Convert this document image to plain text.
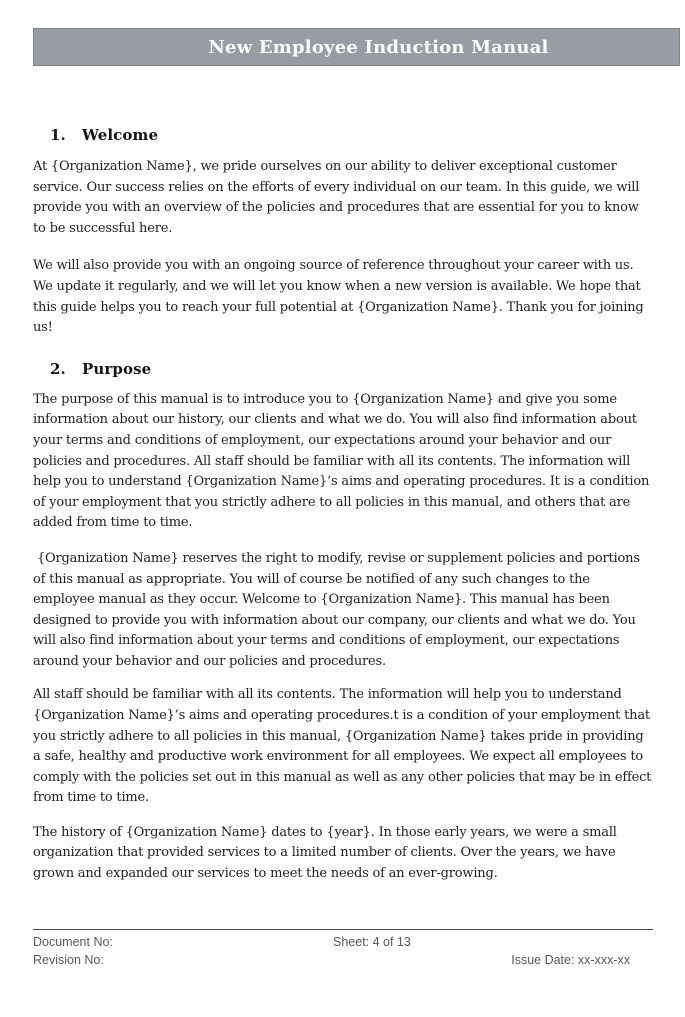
New Employee Induction Manual
1. Welcome

At {Organization Name}, we pride ourselves on our ability to deliver exceptional customer service. Our success relies on the efforts of every individual on our team. In this guide, we will provide you with an overview of the policies and procedures that are essential for you to know to be successful here.

We will also provide you with an ongoing source of reference throughout your career with us. We update it regularly, and we will let you know when a new version is available. We hope that this guide helps you to reach your full potential at {Organization Name}. Thank you for joining us!

2. Purpose

The purpose of this manual is to introduce you to {Organization Name} and give you some information about our history, our clients and what we do. You will also find information about your terms and conditions of employment, our expectations around your behavior and our policies and procedures. All staff should be familiar with all its contents. The information will help you to understand {Organization Name}’s aims and operating procedures. It is a condition of your employment that you strictly adhere to all policies in this manual, and others that are added from time to time.

{Organization Name} reserves the right to modify, revise or supplement policies and portions of this manual as appropriate. You will of course be notified of any such changes to the employee manual as they occur. Welcome to {Organization Name}. This manual has been designed to provide you with information about our company, our clients and what we do. You will also find information about your terms and conditions of employment, our expectations around your behavior and our policies and procedures.

All staff should be familiar with all its contents. The information will help you to understand {Organization Name}’s aims and operating procedures.t is a condition of your employment that you strictly adhere to all policies in this manual, {Organization Name} takes pride in providing a safe, healthy and productive work environment for all employees. We expect all employees to comply with the policies set out in this manual as well as any other policies that may be in effect from time to time.

The history of {Organization Name} dates to {year}. In those early years, we were a small organization that provided services to a limited number of clients. Over the years, we have grown and expanded our services to meet the needs of an ever-growing.

Document No:	Sheet: 4 of 13
Revision No:	Issue Date: xx-xxx-xx
